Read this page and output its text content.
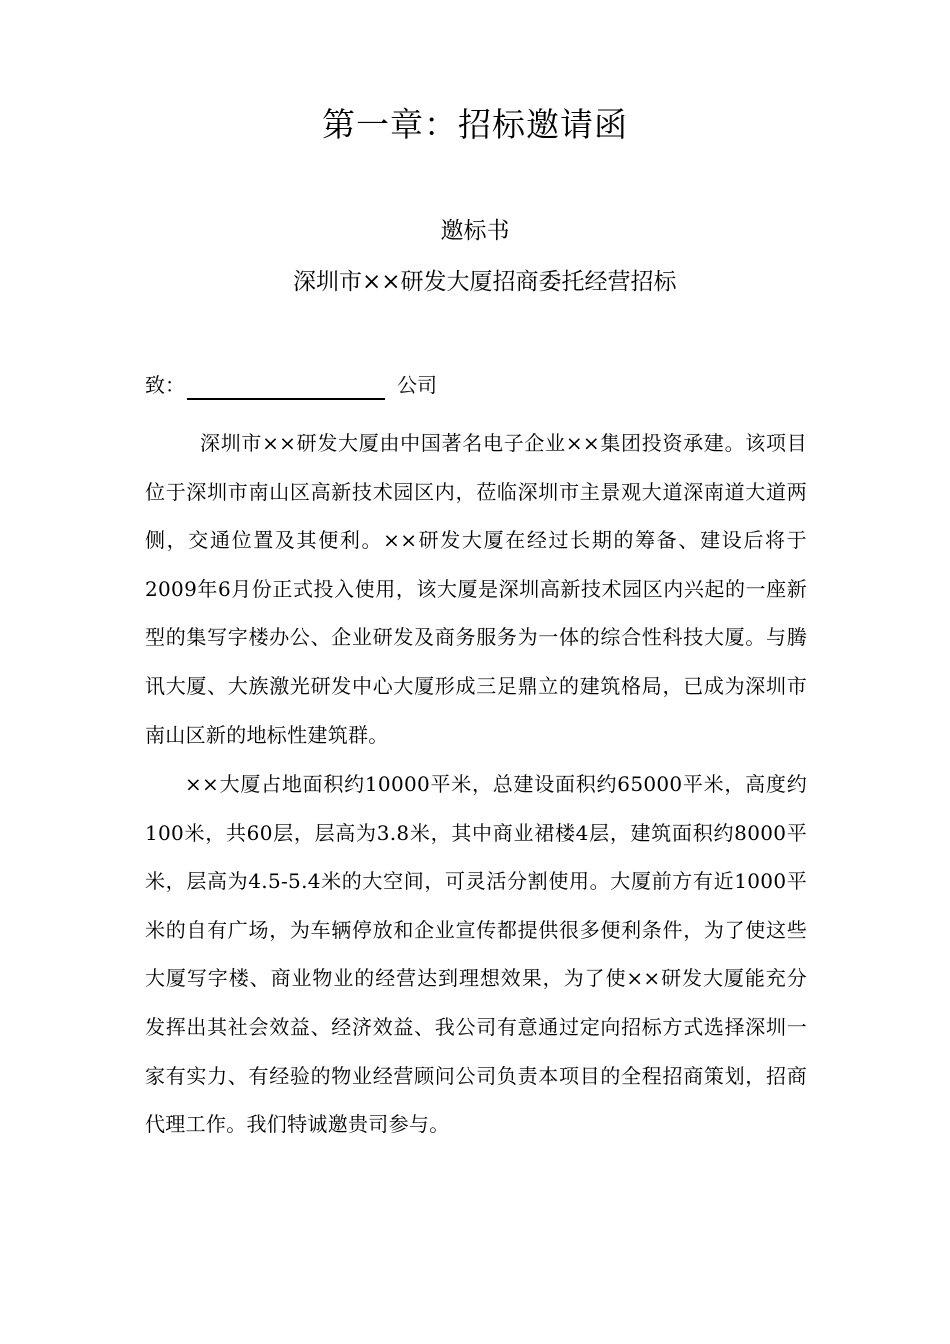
第一章：招标邀请函
邀标书
深圳市××研发大厦招商委托经营招标
致：	公司
深圳市××研发大厦由中国著名电子企业××集团投资承建。该项目位于深圳市南山区高新技术园区内，莅临深圳市主景观大道深南道大道两侧，交通位置及其便利。××研发大厦在经过长期的筹备、建设后将于2009年6月份正式投入使用，该大厦是深圳高新技术园区内兴起的一座新型的集写字楼办公、企业研发及商务服务为一体的综合性科技大厦。与腾讯大厦、大族激光研发中心大厦形成三足鼎立的建筑格局，已成为深圳市南山区新的地标性建筑群。
××大厦占地面积约10000平米，总建设面积约65000平米，高度约100米，共60层，层高为3.8米，其中商业裙楼4层，建筑面积约8000平米，层高为4.5-5.4米的大空间，可灵活分割使用。大厦前方有近1000平米的自有广场，为车辆停放和企业宣传都提供很多便利条件，为了使这些大厦写字楼、商业物业的经营达到理想效果，为了使××研发大厦能充分发挥出其社会效益、经济效益、我公司有意通过定向招标方式选择深圳一家有实力、有经验的物业经营顾问公司负责本项目的全程招商策划，招商代理工作。我们特诚邀贵司参与。
